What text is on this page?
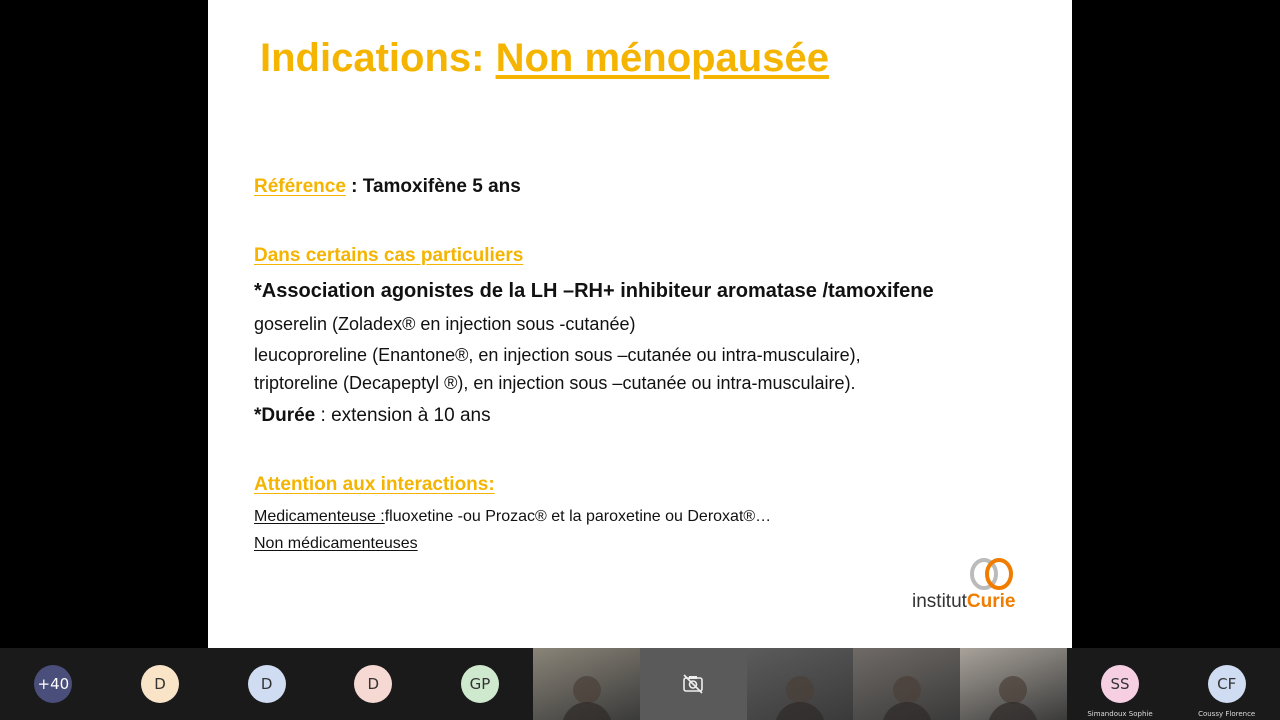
Indications: Non ménopausée
Référence : Tamoxifène 5 ans
Dans certains cas particuliers
*Association agonistes de la LH –RH+ inhibiteur aromatase /tamoxifene
goserelin (Zoladex® en injection sous -cutanée)
leucoproreline (Enantone®, en injection sous –cutanée ou intra-musculaire),
triptoreline (Decapeptyl ®), en injection sous –cutanée ou intra-musculaire).
*Durée : extension à 10 ans
Attention aux interactions:
Medicamenteuse :fluoxetine -ou Prozac® et la paroxetine ou Deroxat®…
Non médicamenteuses
institutCurie
+40	D	D	D	GP	SS
Simandoux Sophie
CF
Coussy Florence
